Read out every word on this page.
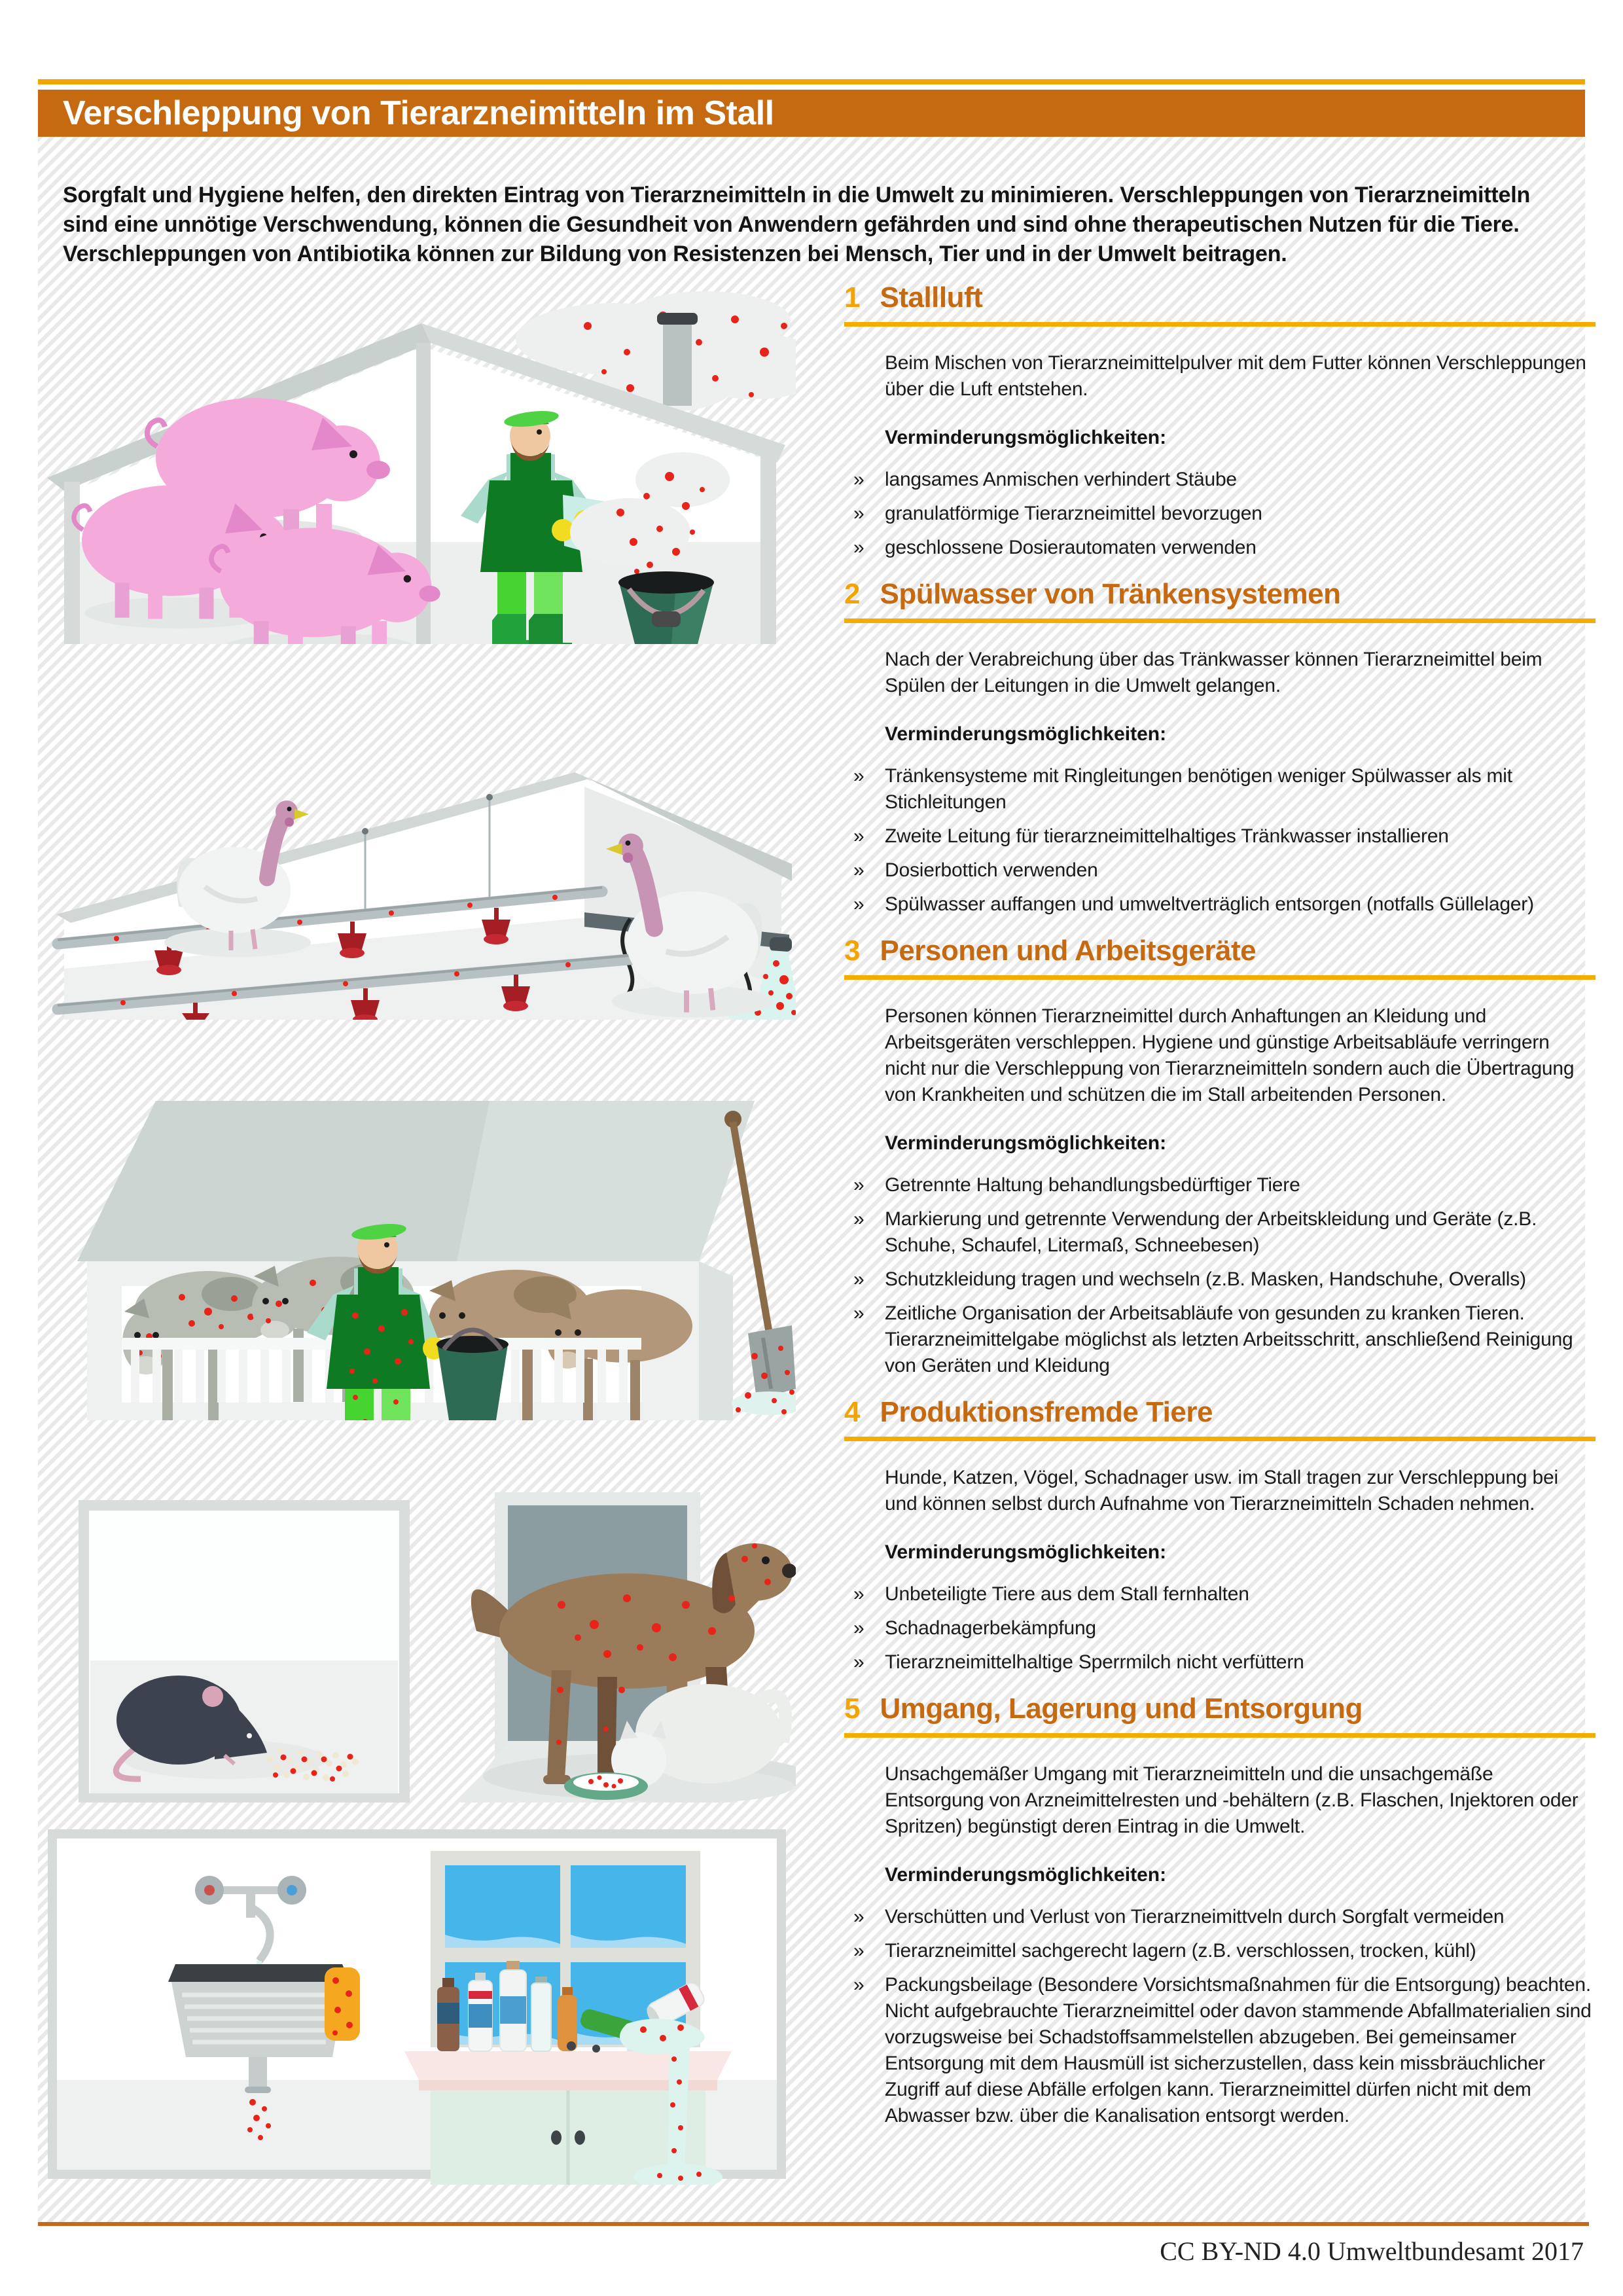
Verschleppung von Tierarzneimitteln im Stall

Sorgfalt und Hygiene helfen, den direkten Eintrag von Tierarzneimitteln in die Umwelt zu minimieren. Verschleppungen von Tierarzneimitteln sind eine unnötige Verschwendung, können die Gesundheit von Anwendern gefährden und sind ohne therapeutischen Nutzen für die Tiere. Verschleppungen von Antibiotika können zur Bildung von Resistenzen bei Mensch, Tier und in der Umwelt beitragen.

1 Stallluft

Beim Mischen von Tierarzneimittelpulver mit dem Futter können Verschleppungen über die Luft entstehen.

Verminderungsmöglichkeiten:

»	langsames Anmischen verhindert Stäube
»	granulatförmige Tierarzneimittel bevorzugen
»	geschlossene Dosierautomaten verwenden
2 Spülwasser von Tränkensystemen

Nach der Verabreichung über das Tränkwasser können Tierarzneimittel beim Spülen der Leitungen in die Umwelt gelangen.

Verminderungsmöglichkeiten:

»	Tränkensysteme mit Ringleitungen benötigen weniger Spülwasser als mit Stichleitungen
»	Zweite Leitung für tierarzneimittelhaltiges Tränkwasser installieren
»	Dosierbottich verwenden
»	Spülwasser auffangen und umweltverträglich entsorgen (notfalls Güllelager)
3 Personen und Arbeitsgeräte

Personen können Tierarzneimittel durch Anhaftungen an Kleidung und Arbeitsgeräten verschleppen. Hygiene und günstige Arbeitsabläufe verringern nicht nur die Verschleppung von Tierarzneimitteln sondern auch die Übertragung von Krankheiten und schützen die im Stall arbeitenden Personen.

Verminderungsmöglichkeiten:

»	Getrennte Haltung behandlungsbedürftiger Tiere
»	Markierung und getrennte Verwendung der Arbeitskleidung und Geräte (z.B. Schuhe, Schaufel, Litermaß, Schneebesen)
»	Schutzkleidung tragen und wechseln (z.B. Masken, Handschuhe, Overalls)
»	Zeitliche Organisation der Arbeitsabläufe von gesunden zu kranken Tieren. Tierarzneimittelgabe möglichst als letzten Arbeitsschritt, anschließend Reinigung von Geräten und Kleidung
4 Produktionsfremde Tiere

Hunde, Katzen, Vögel, Schadnager usw. im Stall tragen zur Verschleppung bei und können selbst durch Aufnahme von Tierarzneimitteln Schaden nehmen.

Verminderungsmöglichkeiten:

»	Unbeteiligte Tiere aus dem Stall fernhalten
»	Schadnagerbekämpfung
»	Tierarzneimittelhaltige Sperrmilch nicht verfüttern
5 Umgang, Lagerung und Entsorgung

Unsachgemäßer Umgang mit Tierarzneimitteln und die unsachgemäße Entsorgung von Arzneimittelresten und -behältern (z.B. Flaschen, Injektoren oder Spritzen) begünstigt deren Eintrag in die Umwelt.

Verminderungsmöglichkeiten:

»	Verschütten und Verlust von Tierarzneimittveln durch Sorgfalt vermeiden
»	Tierarzneimittel sachgerecht lagern (z.B. verschlossen, trocken, kühl)
»	Packungsbeilage (Besondere Vorsichtsmaßnahmen für die Entsorgung) beachten. Nicht aufgebrauchte Tierarzneimittel oder davon stammende Abfallmaterialien sind vorzugsweise bei Schadstoffsammelstellen abzugeben. Bei gemeinsamer Entsorgung mit dem Hausmüll ist sicherzustellen, dass kein missbräuchlicher Zugriff auf diese Abfälle erfolgen kann. Tierarzneimittel dürfen nicht mit dem Abwasser bzw. über die Kanalisation entsorgt werden.
CC BY-ND 4.0 Umweltbundesamt 2017
